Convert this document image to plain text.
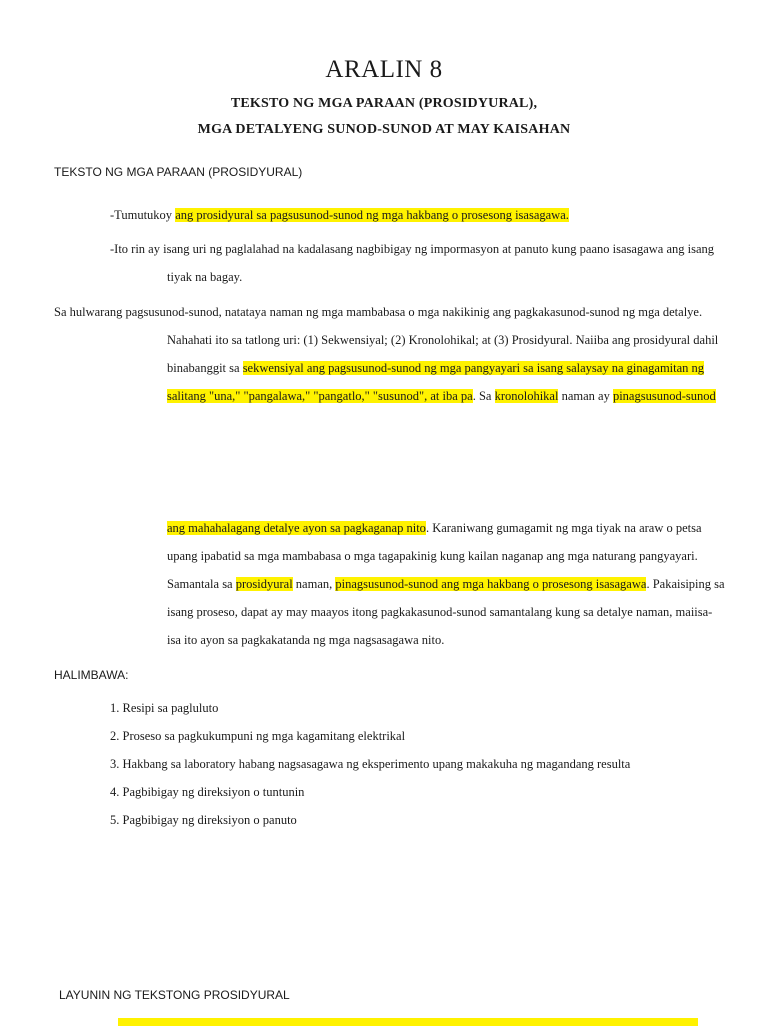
ARALIN 8
TEKSTO NG MGA PARAAN (PROSIDYURAL),
MGA DETALYENG SUNOD-SUNOD AT MAY KAISAHAN
TEKSTO NG MGA PARAAN (PROSIDYURAL)
-Tumutukoy ang prosidyural sa pagsusunod-sunod ng mga hakbang o prosesong isasagawa.
-Ito rin ay isang uri ng paglalahad na kadalasang nagbibigay ng impormasyon at panuto kung paano isasagawa ang isang
tiyak na bagay.
Sa hulwarang pagsusunod-sunod, natataya naman ng mga mambabasa o mga nakikinig ang pagkakasunod-sunod ng mga detalye.
Nahahati ito sa tatlong uri: (1) Sekwensiyal; (2) Kronolohikal; at (3) Prosidyural. Naiiba ang prosidyural dahil
binabanggit sa sekwensiyal ang pagsusunod-sunod ng mga pangyayari sa isang salaysay na ginagamitan ng
salitang "una," "pangalawa," "pangatlo," "susunod", at iba pa. Sa kronolohikal naman ay pinagsusunod-sunod
ang mahahalagang detalye ayon sa pagkaganap nito. Karaniwang gumagamit ng mga tiyak na araw o petsa
upang ipabatid sa mga mambabasa o mga tagapakinig kung kailan naganap ang mga naturang pangyayari.
Samantala sa prosidyural naman, pinagsusunod-sunod ang mga hakbang o prosesong isasagawa. Pakaisiping sa
isang proseso, dapat ay may maayos itong pagkakasunod-sunod samantalang kung sa detalye naman, maiisa-
isa ito ayon sa pagkakatanda ng mga nagsasagawa nito.
HALIMBAWA:
1. Resipi sa pagluluto
2. Proseso sa pagkukumpuni ng mga kagamitang elektrikal
3. Hakbang sa laboratory habang nagsasagawa ng eksperimento upang makakuha ng magandang resulta
4. Pagbibigay ng direksiyon o tuntunin
5. Pagbibigay ng direksiyon o panuto
LAYUNIN NG TEKSTONG PROSIDYURAL
